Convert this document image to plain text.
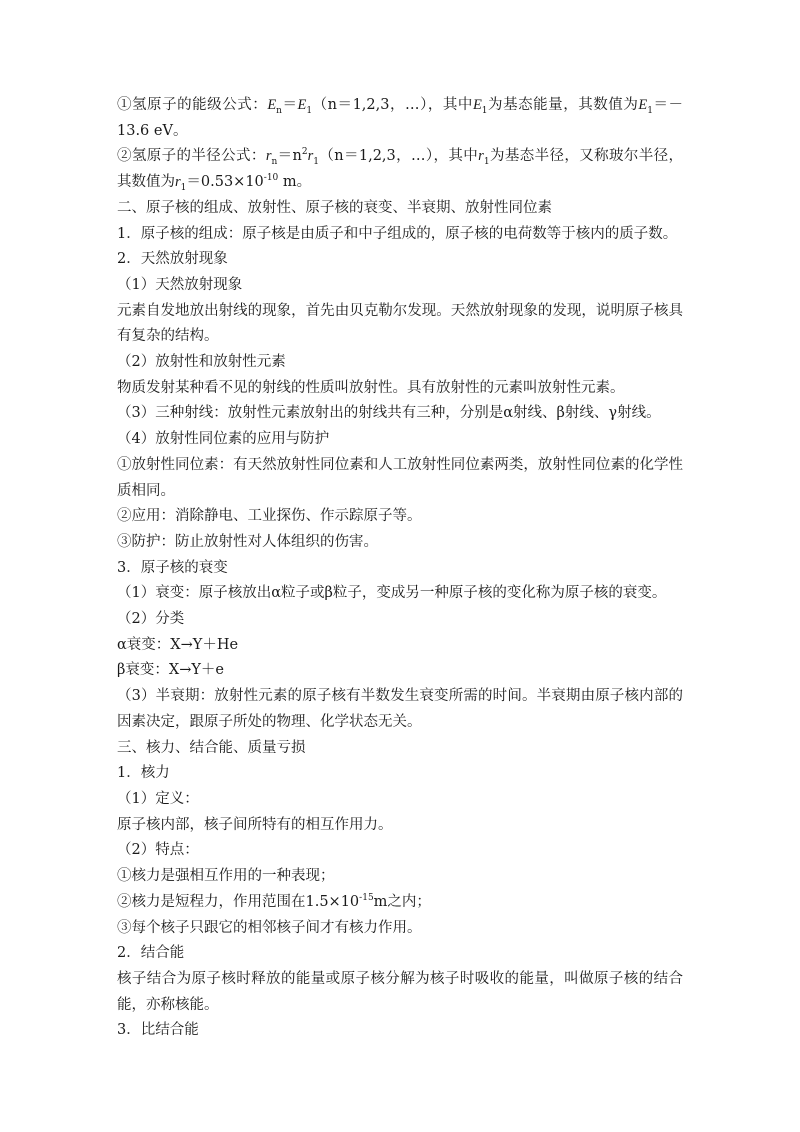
①氢原子的能级公式：$E_n=E_1(n=1,2,3$，…），其中$E_1$为基态能量，其数值为$E_1=-13.6$ eV。

②氢原子的半径公式：$r_n=n^2r_1(n=1,2,3$，…），其中$r_1$为基态半径，又称玻尔半径，其数值为$r_1=0.53\times 10^{-10}$ m。

二、原子核的组成、放射性、原子核的衰变、半衰期、放射性同位素

1．原子核的组成：原子核是由质子和中子组成的，原子核的电荷数等于核内的质子数。

2．天然放射现象

（1）天然放射现象

元素自发地放出射线的现象，首先由贝克勒尔发现。天然放射现象的发现，说明原子核具有复杂的结构。

（2）放射性和放射性元素

物质发射某种看不见的射线的性质叫放射性。具有放射性的元素叫放射性元素。

（3）三种射线：放射性元素放射出的射线共有三种，分别是α射线、β射线、γ射线。

（4）放射性同位素的应用与防护

①放射性同位素：有天然放射性同位素和人工放射性同位素两类，放射性同位素的化学性质相同。

②应用：消除静电、工业探伤、作示踪原子等。

③防护：防止放射性对人体组织的伤害。

3．原子核的衰变

（1）衰变：原子核放出α粒子或β粒子，变成另一种原子核的变化称为原子核的衰变。

（2）分类

α衰变：X→Y＋He

β衰变：X→Y＋e

（3）半衰期：放射性元素的原子核有半数发生衰变所需的时间。半衰期由原子核内部的因素决定，跟原子所处的物理、化学状态无关。

三、核力、结合能、质量亏损

1．核力

（1）定义：

原子核内部，核子间所特有的相互作用力。

（2）特点：

①核力是强相互作用的一种表现；

②核力是短程力，作用范围在$1.5\times 10^{-15}m$之内；

③每个核子只跟它的相邻核子间才有核力作用。

2．结合能

核子结合为原子核时释放的能量或原子核分解为核子时吸收的能量，叫做原子核的结合能，亦称核能。

3．比结合能
